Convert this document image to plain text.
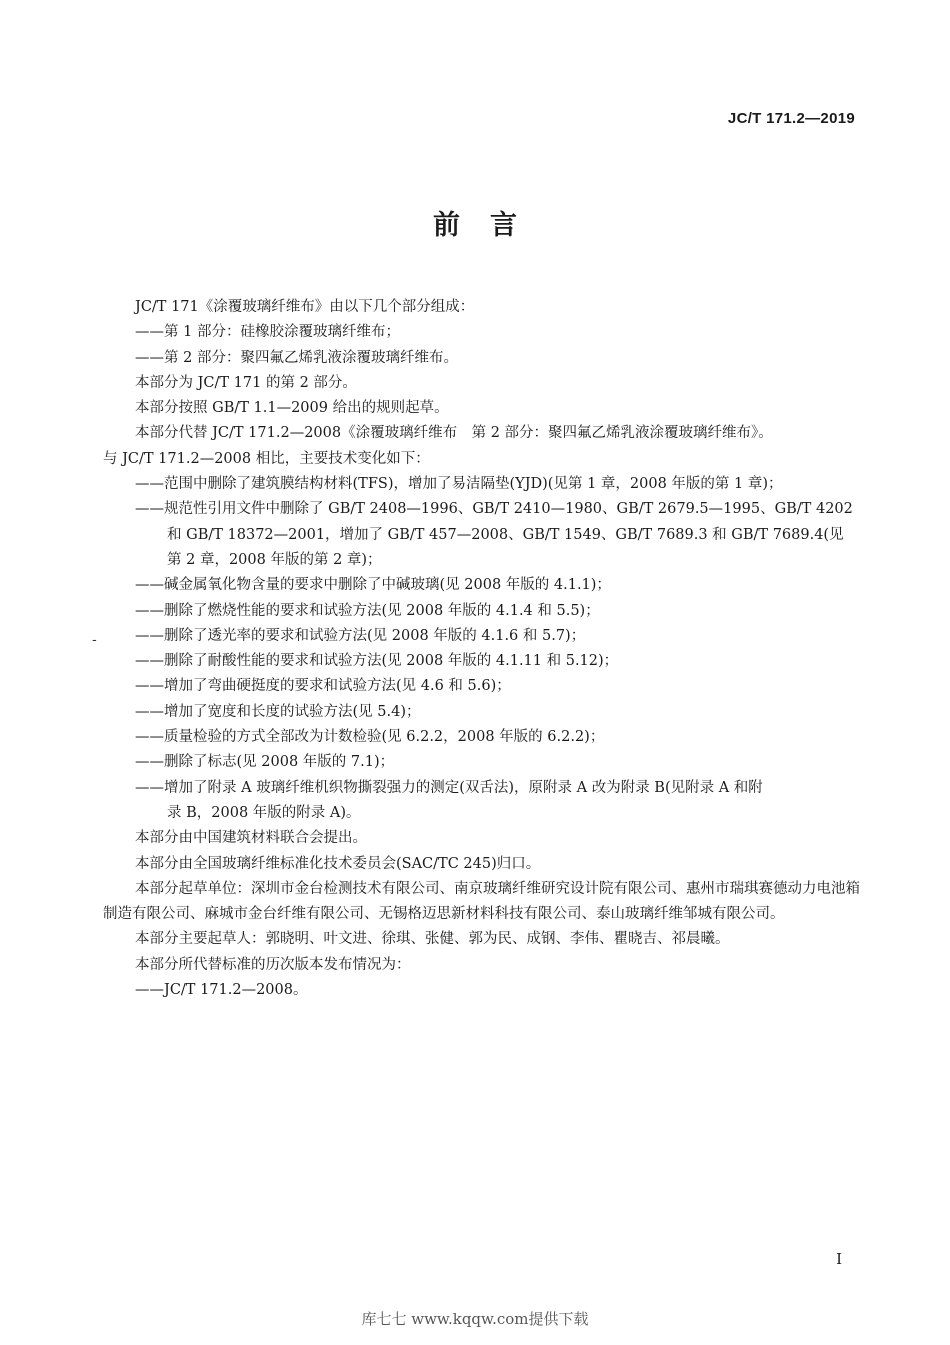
JC/T 171.2—2019
前言
-
JC/T 171《涂覆玻璃纤维布》由以下几个部分组成：
——第 1 部分：硅橡胶涂覆玻璃纤维布；
——第 2 部分：聚四氟乙烯乳液涂覆玻璃纤维布。
本部分为 JC/T 171 的第 2 部分。
本部分按照 GB/T 1.1—2009 给出的规则起草。
本部分代替 JC/T 171.2—2008《涂覆玻璃纤维布　第 2 部分：聚四氟乙烯乳液涂覆玻璃纤维布》。
与 JC/T 171.2—2008 相比，主要技术变化如下：
——范围中删除了建筑膜结构材料(TFS)，增加了易洁隔垫(YJD)(见第 1 章，2008 年版的第 1 章)；
——规范性引用文件中删除了 GB/T 2408—1996、GB/T 2410—1980、GB/T 2679.5—1995、GB/T 4202
和 GB/T 18372—2001，增加了 GB/T 457—2008、GB/T 1549、GB/T 7689.3 和 GB/T 7689.4(见
第 2 章，2008 年版的第 2 章)；
——碱金属氧化物含量的要求中删除了中碱玻璃(见 2008 年版的 4.1.1)；
——删除了燃烧性能的要求和试验方法(见 2008 年版的 4.1.4 和 5.5)；
——删除了透光率的要求和试验方法(见 2008 年版的 4.1.6 和 5.7)；
——删除了耐酸性能的要求和试验方法(见 2008 年版的 4.1.11 和 5.12)；
——增加了弯曲硬挺度的要求和试验方法(见 4.6 和 5.6)；
——增加了宽度和长度的试验方法(见 5.4)；
——质量检验的方式全部改为计数检验(见 6.2.2，2008 年版的 6.2.2)；
——删除了标志(见 2008 年版的 7.1)；
——增加了附录 A 玻璃纤维机织物撕裂强力的测定(双舌法)，原附录 A 改为附录 B(见附录 A 和附
录 B，2008 年版的附录 A)。
本部分由中国建筑材料联合会提出。
本部分由全国玻璃纤维标准化技术委员会(SAC/TC 245)归口。
本部分起草单位：深圳市金台检测技术有限公司、南京玻璃纤维研究设计院有限公司、惠州市瑞琪赛德动力电池箱制造有限公司、麻城市金台纤维有限公司、无锡格迈思新材料科技有限公司、泰山玻璃纤维邹城有限公司。
本部分主要起草人：郭晓明、叶文进、徐琪、张健、郭为民、成钢、李伟、瞿晓吉、祁晨曦。
本部分所代替标准的历次版本发布情况为：
——JC/T 171.2—2008。
I
库七七 www.kqqw.com提供下载
